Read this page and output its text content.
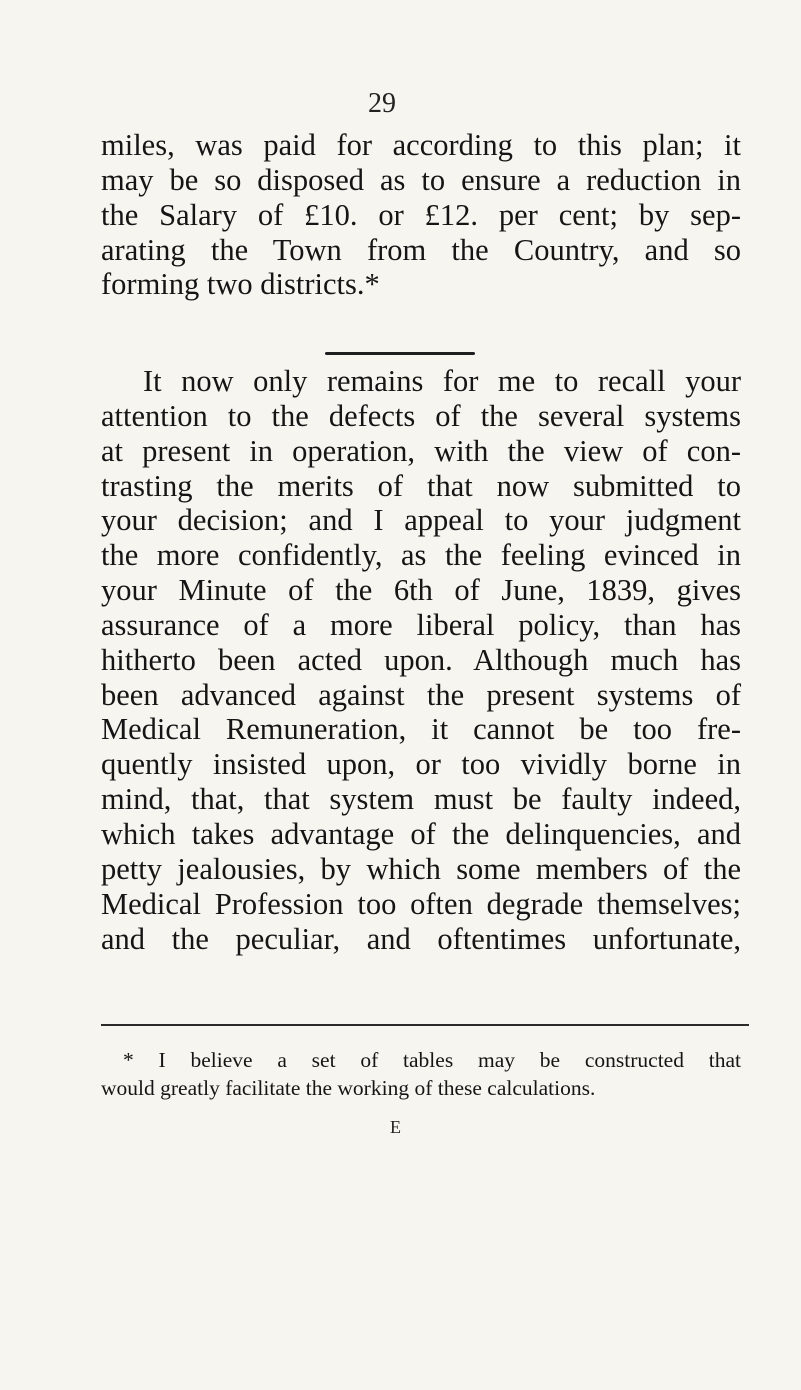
29
miles, was paid for according to this plan; it
may be so disposed as to ensure a reduction in
the Salary of £10. or £12. per cent; by sep-
arating the Town from the Country, and so
forming two districts.*
It now only remains for me to recall your
attention to the defects of the several systems
at present in operation, with the view of con-
trasting the merits of that now submitted to
your decision; and I appeal to your judgment
the more confidently, as the feeling evinced in
your Minute of the 6th of June, 1839, gives
assurance of a more liberal policy, than has
hitherto been acted upon. Although much has
been advanced against the present systems of
Medical Remuneration, it cannot be too fre-
quently insisted upon, or too vividly borne in
mind, that, that system must be faulty indeed,
which takes advantage of the delinquencies, and
petty jealousies, by which some members of the
Medical Profession too often degrade themselves;
and the peculiar, and oftentimes unfortunate,
* I believe a set of tables may be constructed that
would greatly facilitate the working of these calculations.
E
